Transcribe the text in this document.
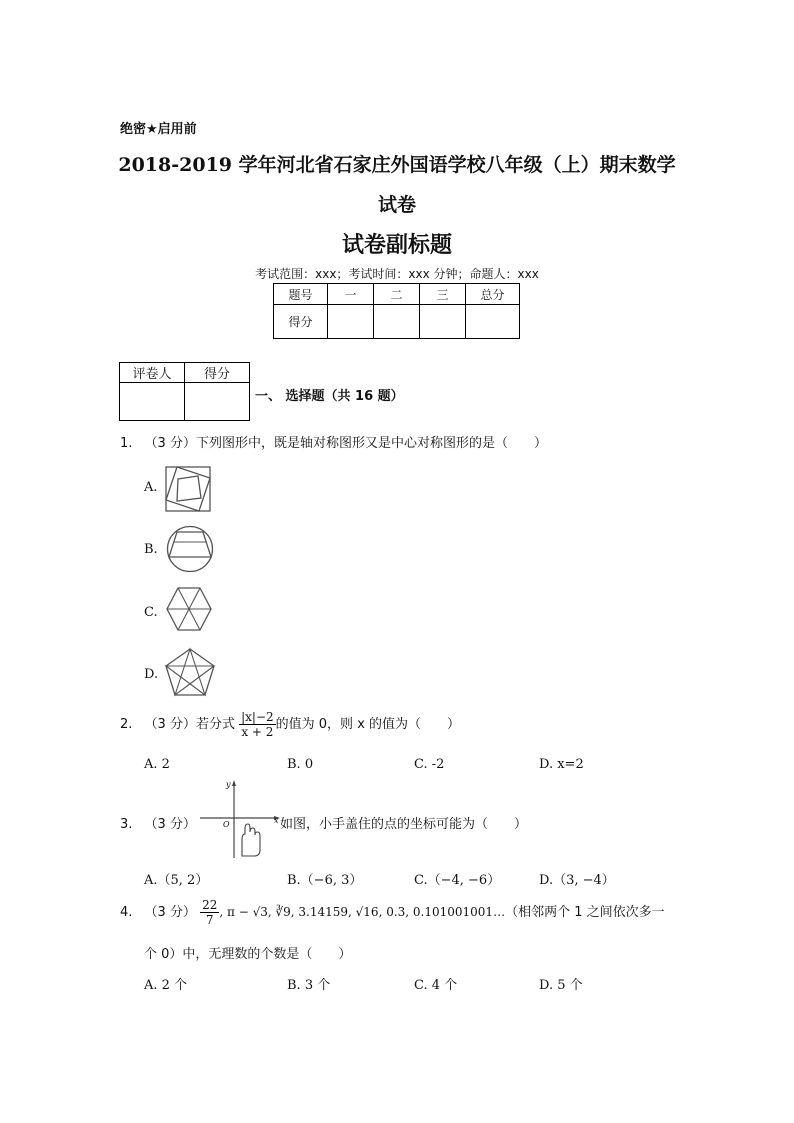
绝密★启用前
2018-2019 学年河北省石家庄外国语学校八年级（上）期末数学
试卷
试卷副标题
考试范围：xxx；考试时间：xxx 分钟；命题人：xxx
题号	一	二	三	总分
得分				
评卷人	得分

一、 选择题（共 16 题）
1. （3 分）下列图形中，既是轴对称图形又是中心对称图形的是（　　）
A.
B.
C.
D.
2. （3 分）若分式 $\frac{|x|-2}{x + 2}$ 的值为 0，则 x 的值为（　　）
A. 2	B. 0	C. -2	D. x=2
3. （3 分）
y
x
O	如图，小手盖住的点的坐标可能为（　　）
A.（5, 2）	B.（−6, 3）	C.（−4, −6）	D.（3, −4）
4. （3 分） $\frac{22}{7}$ , π − √3, ∛9, 3.14159, √16, 0.3, 0.101001001…（相邻两个 1 之间依次多一
个 0）中，无理数的个数是（　　）
A. 2 个	B. 3 个	C. 4 个	D. 5 个
